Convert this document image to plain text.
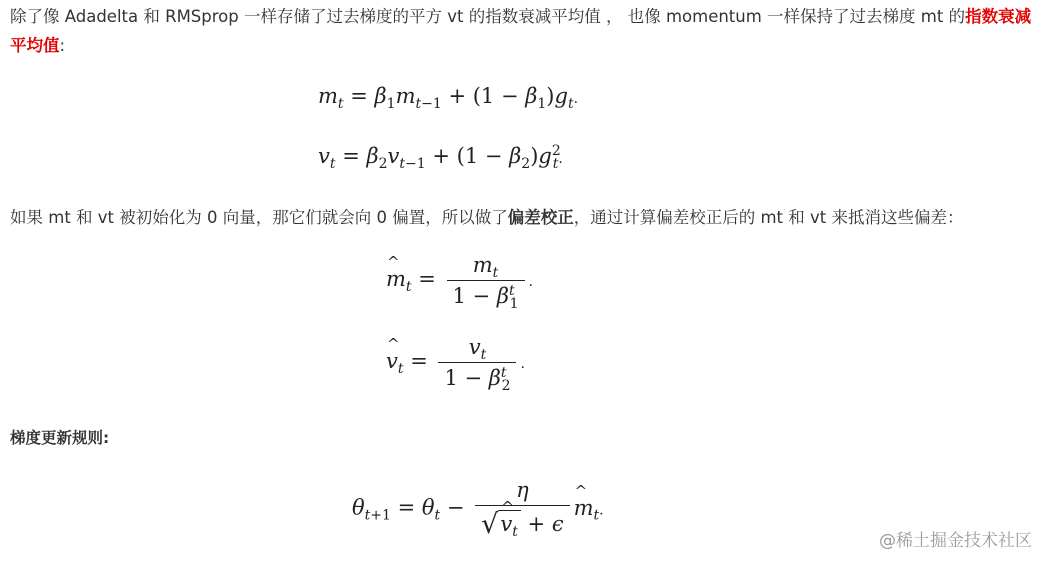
除了像 Adadelta 和 RMSprop 一样存储了过去梯度的平方 vt 的指数衰减平均值 ， 也像 momentum 一样保持了过去梯度 mt 的指数衰减平均值:

$m_t = \beta_1m_{t-1} + (1 - \beta_1)g_t$.
$v_t = \beta_2v_{t-1} + (1 - \beta_2)g^2_t$.

如果 mt 和 vt 被初始化为 0 向量，那它们就会向 0 偏置，所以做了偏差校正，通过计算偏差校正后的 mt 和 vt 来抵消这些偏差：

^ $m_t = \frac{m_t}{1 - \beta^t_1}$ .
^ $v_t = \frac{v_t}{1 - \beta^t_2}$ .

梯度更新规则:

$\theta_{t+1} = \theta_t - \frac{\eta}{√\^{} v_t + \epsilon}$
^ $m_t$.
@稀土掘金技术社区
